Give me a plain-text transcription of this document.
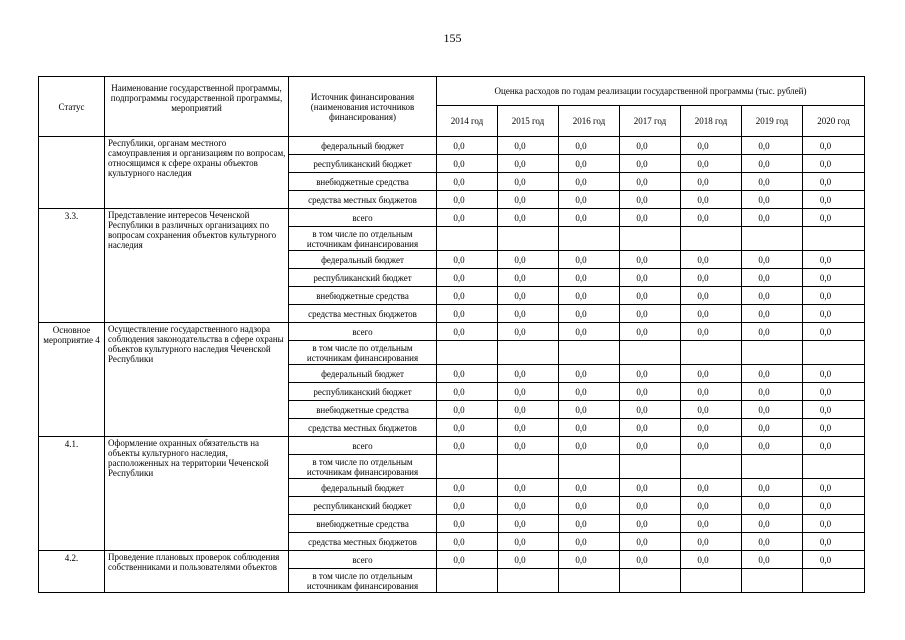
155
Статус	Наименование государственной программы, подпрограммы государственной программы, мероприятий	Источник финансирования (наименования источников финансирования)	Оценка расходов по годам реализации государственной программы (тыс. рублей)						
			2014 год	2015 год	2016 год	2017 год	2018 год	2019 год	2020 год
	Республики, органам местного самоуправления и организациям по вопросам, относящимся к сфере охраны объектов культурного наследия	федеральный бюджет	0,0	0,0	0,0	0,0	0,0	0,0	0,0
		республиканский бюджет	0,0	0,0	0,0	0,0	0,0	0,0	0,0
		внебюджетные средства	0,0	0,0	0,0	0,0	0,0	0,0	0,0
		средства местных бюджетов	0,0	0,0	0,0	0,0	0,0	0,0	0,0
3.3.	Представление интересов Чеченской Республики в различных организациях по вопросам сохранения объектов культурного наследия	всего	0,0	0,0	0,0	0,0	0,0	0,0	0,0
		в том числе по отдельным источникам финансирования							
		федеральный бюджет	0,0	0,0	0,0	0,0	0,0	0,0	0,0
		республиканский бюджет	0,0	0,0	0,0	0,0	0,0	0,0	0,0
		внебюджетные средства	0,0	0,0	0,0	0,0	0,0	0,0	0,0
		средства местных бюджетов	0,0	0,0	0,0	0,0	0,0	0,0	0,0
Основное мероприятие 4	Осуществление государственного надзора соблюдения законодательства в сфере охраны объектов культурного наследия Чеченской Республики	всего	0,0	0,0	0,0	0,0	0,0	0,0	0,0
		в том числе по отдельным источникам финансирования							
		федеральный бюджет	0,0	0,0	0,0	0,0	0,0	0,0	0,0
		республиканский бюджет	0,0	0,0	0,0	0,0	0,0	0,0	0,0
		внебюджетные средства	0,0	0,0	0,0	0,0	0,0	0,0	0,0
		средства местных бюджетов	0,0	0,0	0,0	0,0	0,0	0,0	0,0
4.1.	Оформление охранных обязательств на объекты культурного наследия, расположенных на территории Чеченской Республики	всего	0,0	0,0	0,0	0,0	0,0	0,0	0,0
		в том числе по отдельным источникам финансирования							
		федеральный бюджет	0,0	0,0	0,0	0,0	0,0	0,0	0,0
		республиканский бюджет	0,0	0,0	0,0	0,0	0,0	0,0	0,0
		внебюджетные средства	0,0	0,0	0,0	0,0	0,0	0,0	0,0
		средства местных бюджетов	0,0	0,0	0,0	0,0	0,0	0,0	0,0
4.2.	Проведение плановых проверок соблюдения собственниками и пользователями объектов	всего	0,0	0,0	0,0	0,0	0,0	0,0	0,0
		в том числе по отдельным источникам финансирования							
